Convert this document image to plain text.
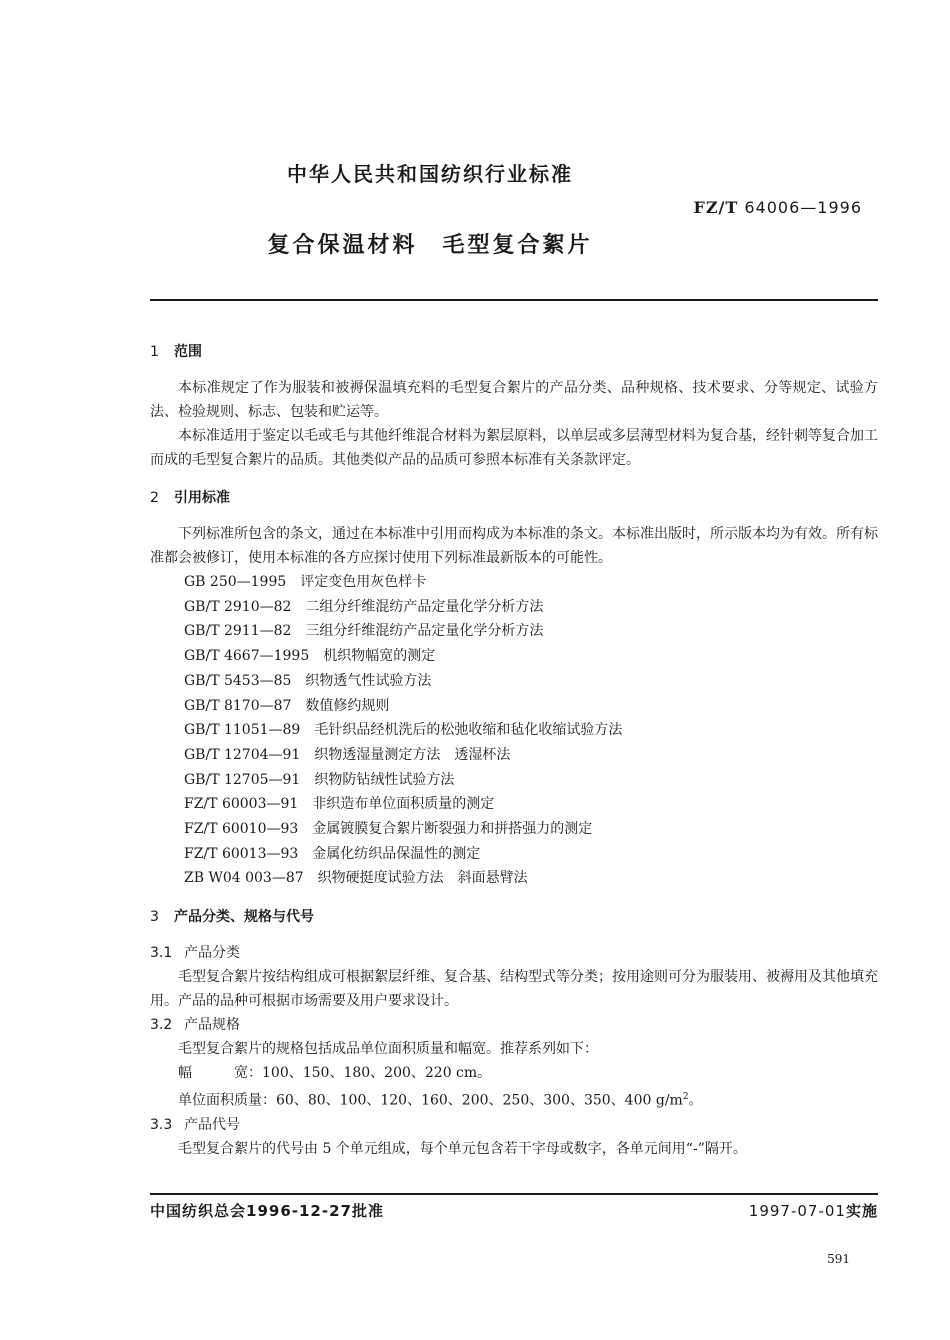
中华人民共和国纺织行业标准
FZ/T 64006—1996
复合保温材料　毛型复合絮片
1 范围

本标准规定了作为服装和被褥保温填充料的毛型复合絮片的产品分类、品种规格、技术要求、分等规定、试验方法、检验规则、标志、包装和贮运等。

本标准适用于鉴定以毛或毛与其他纤维混合材料为絮层原料，以单层或多层薄型材料为复合基，经针刺等复合加工而成的毛型复合絮片的品质。其他类似产品的品质可参照本标准有关条款评定。

2 引用标准

下列标准所包含的条文，通过在本标准中引用而构成为本标准的条文。本标准出版时，所示版本均为有效。所有标准都会被修订，使用本标准的各方应探讨使用下列标准最新版本的可能性。

GB 250—1995　 评定变色用灰色样卡

GB/T 2910—82　 二组分纤维混纺产品定量化学分析方法

GB/T 2911—82　 三组分纤维混纺产品定量化学分析方法

GB/T 4667—1995　 机织物幅宽的测定

GB/T 5453—85　 织物透气性试验方法

GB/T 8170—87　 数值修约规则

GB/T 11051—89　 毛针织品经机洗后的松弛收缩和毡化收缩试验方法

GB/T 12704—91　 织物透湿量测定方法　透湿杯法

GB/T 12705—91　 织物防钻绒性试验方法

FZ/T 60003—91　 非织造布单位面积质量的测定

FZ/T 60010—93　 金属镀膜复合絮片断裂强力和拼搭强力的测定

FZ/T 60013—93　 金属化纺织品保温性的测定

ZB W04 003—87　 织物硬挺度试验方法　斜面悬臂法

3 产品分类、规格与代号
3.1 产品分类

毛型复合絮片按结构组成可根据絮层纤维、复合基、结构型式等分类；按用途则可分为服装用、被褥用及其他填充用。产品的品种可根据市场需要及用户要求设计。

3.2 产品规格

毛型复合絮片的规格包括成品单位面积质量和幅宽。推荐系列如下：

幅　　　宽：100、150、180、200、220 cm。

单位面积质量：60、80、100、120、160、200、250、300、350、400 $g/m^2$。

3.3 产品代号

毛型复合絮片的代号由 5 个单元组成，每个单元包含若干字母或数字，各单元间用“-”隔开。

中国纺织总会1996-12-27批准	1997-07-01实施
591
